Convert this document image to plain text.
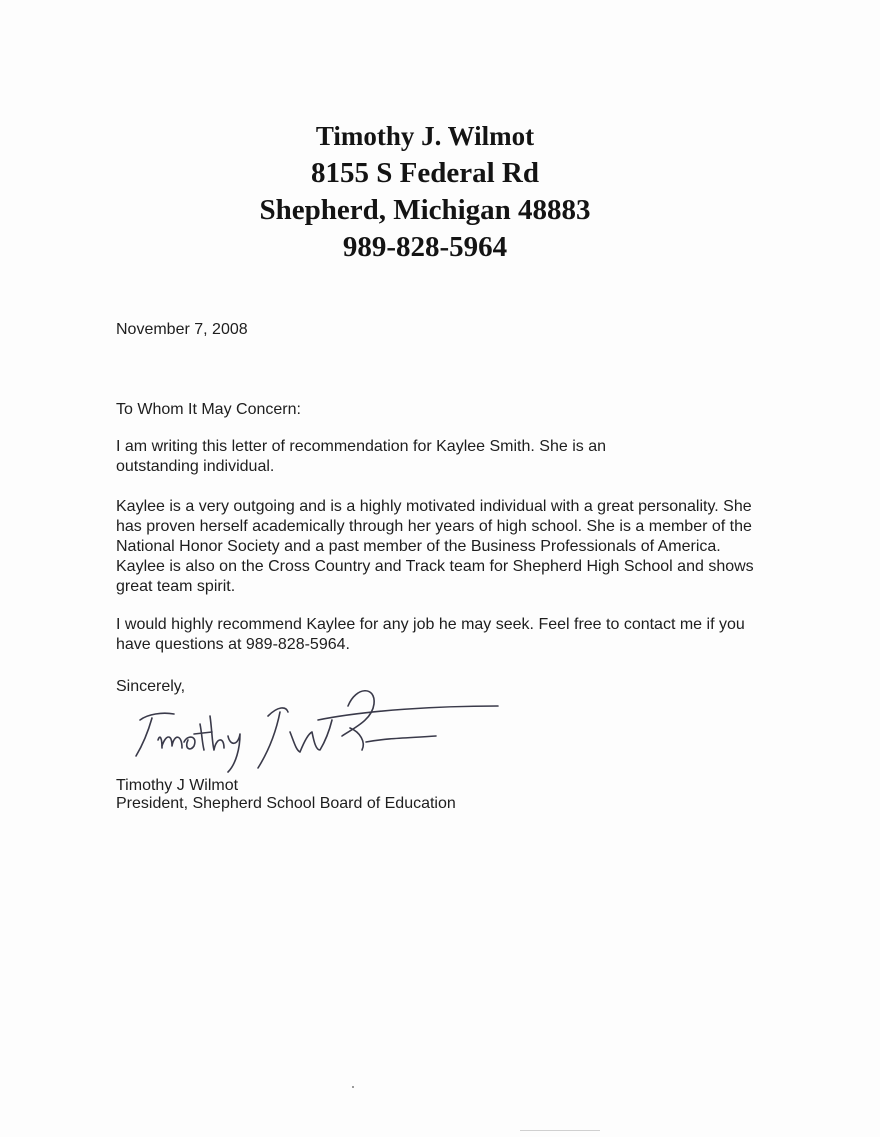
Timothy J. Wilmot
8155 S Federal Rd
Shepherd, Michigan 48883
989-828-5964

November 7, 2008

To Whom It May Concern:

I am writing this letter of recommendation for Kaylee Smith. She is an outstanding individual.

Kaylee is a very outgoing and is a highly motivated individual with a great personality. She has proven herself academically through her years of high school. She is a member of the National Honor Society and a past member of the Business Professionals of America. Kaylee is also on the Cross Country and Track team for Shepherd High School and shows great team spirit.

I would highly recommend Kaylee for any job he may seek. Feel free to contact me if you have questions at 989-828-5964.

Sincerely,

Timothy J Wilmot

President, Shepherd School Board of Education
